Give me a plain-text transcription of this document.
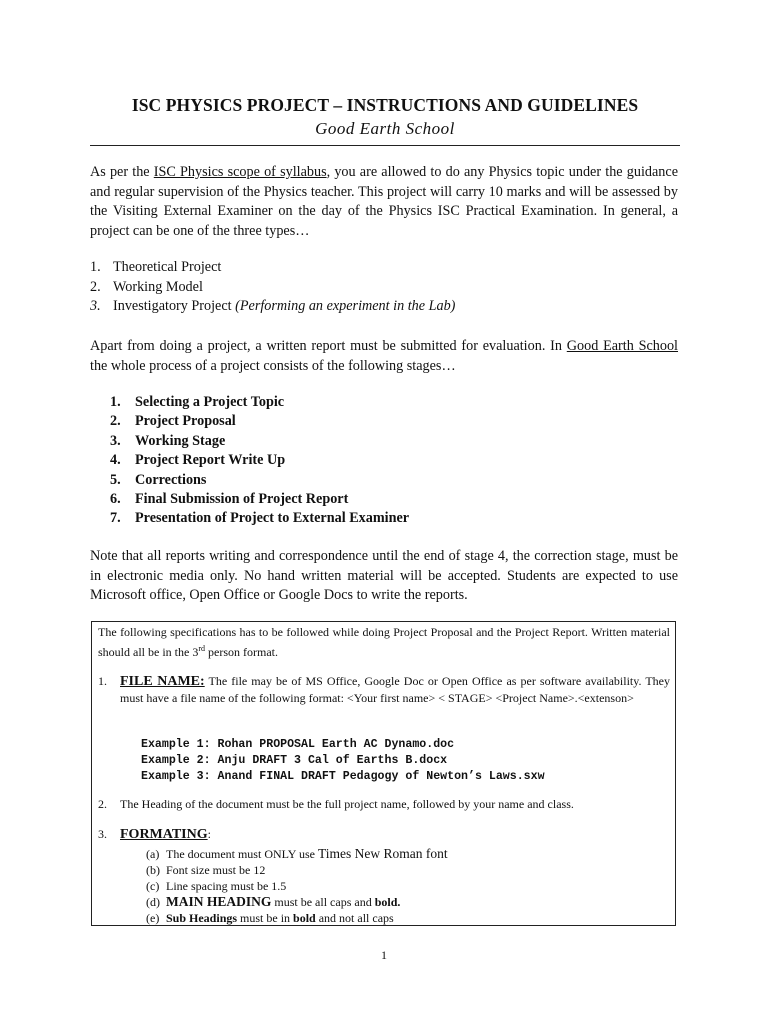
ISC PHYSICS PROJECT – INSTRUCTIONS AND GUIDELINES
Good Earth School
As per the ISC Physics scope of syllabus, you are allowed to do any Physics topic under the guidance and regular supervision of the Physics teacher. This project will carry 10 marks and will be assessed by the Visiting External Examiner on the day of the Physics ISC Practical Examination. In general, a project can be one of the three types…
1. Theoretical Project
2. Working Model
3. Investigatory Project (Performing an experiment in the Lab)
Apart from doing a project, a written report must be submitted for evaluation. In Good Earth School the whole process of a project consists of the following stages…
1.	Selecting a Project Topic
2.	Project Proposal
3.	Working Stage
4.	Project Report Write Up
5.	Corrections
6.	Final Submission of Project Report
7.	Presentation of Project to External Examiner
Note that all reports writing and correspondence until the end of stage 4, the correction stage, must be in electronic media only. No hand written material will be accepted. Students are expected to use Microsoft office, Open Office or Google Docs to write the reports.
The following specifications has to be followed while doing Project Proposal and the Project Report. Written material should all be in the 3rd person format.
1. FILE NAME: The file may be of MS Office, Google Doc or Open Office as per software availability. They must have a file name of the following format: <Your first name> < STAGE> <Project Name>.<extenson>
Example 1: Rohan PROPOSAL Earth AC Dynamo.doc
Example 2: Anju DRAFT 3 Cal of Earths B.docx
Example 3: Anand FINAL DRAFT Pedagogy of Newton’s Laws.sxw
2.	The Heading of the document must be the full project name, followed by your name and class.
3. FORMATING:
(a) The document must ONLY use Times New Roman font
(b) Font size must be 12
(c) Line spacing must be 1.5
(d) MAIN HEADING must be all caps and bold.
(e) Sub Headings must be in bold and not all caps
1
